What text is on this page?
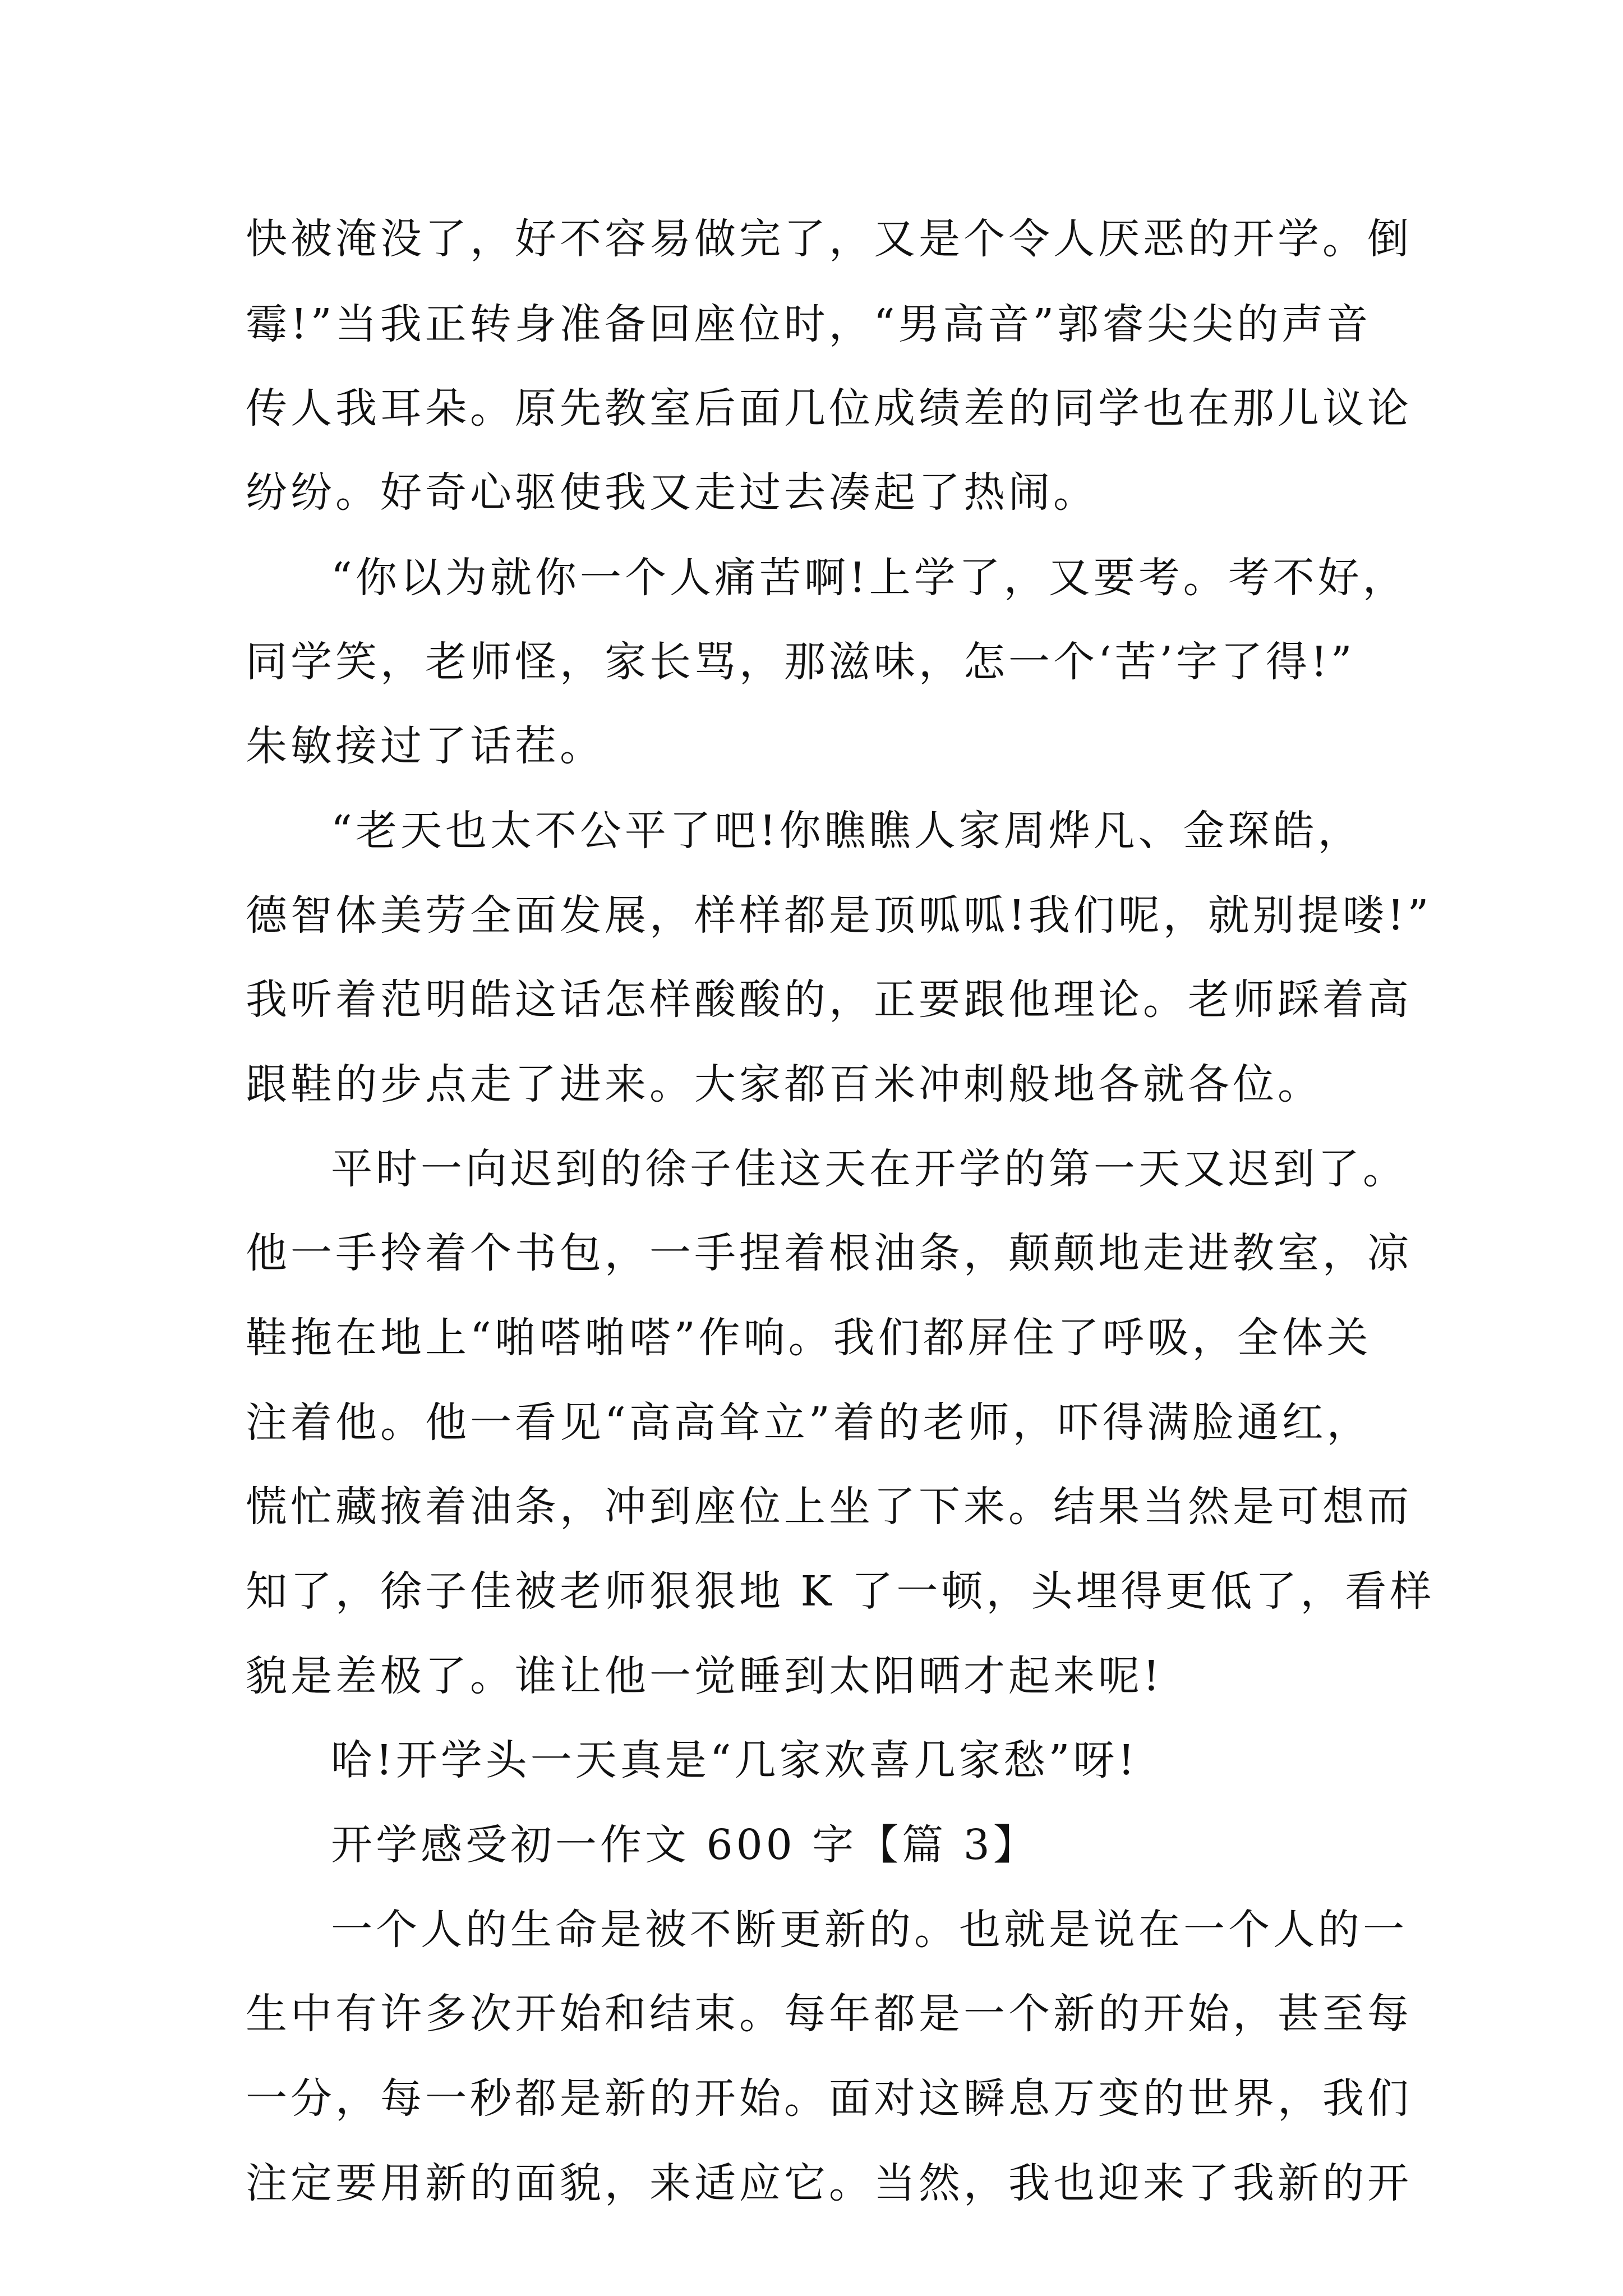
快被淹没了，好不容易做完了，又是个令人厌恶的开学。倒
霉!”当我正转身准备回座位时，“男高音”郭睿尖尖的声音
传人我耳朵。原先教室后面几位成绩差的同学也在那儿议论
纷纷。好奇心驱使我又走过去凑起了热闹。
“你以为就你一个人痛苦啊!上学了，又要考。考不好，
同学笑，老师怪，家长骂，那滋味，怎一个‘苦’字了得!”
朱敏接过了话茬。
“老天也太不公平了吧!你瞧瞧人家周烨凡、金琛皓，
德智体美劳全面发展，样样都是顶呱呱!我们呢，就别提喽!”
我听着范明皓这话怎样酸酸的，正要跟他理论。老师踩着高
跟鞋的步点走了进来。大家都百米冲刺般地各就各位。
平时一向迟到的徐子佳这天在开学的第一天又迟到了。
他一手拎着个书包，一手捏着根油条，颠颠地走进教室，凉
鞋拖在地上“啪嗒啪嗒”作响。我们都屏住了呼吸，全体关
注着他。他一看见“高高耸立”着的老师，吓得满脸通红，
慌忙藏掖着油条，冲到座位上坐了下来。结果当然是可想而
知了，徐子佳被老师狠狠地 K 了一顿，头埋得更低了，看样
貌是差极了。谁让他一觉睡到太阳晒才起来呢!
哈!开学头一天真是“几家欢喜几家愁”呀!
开学感受初一作文 600 字【篇 3】
一个人的生命是被不断更新的。也就是说在一个人的一
生中有许多次开始和结束。每年都是一个新的开始，甚至每
一分，每一秒都是新的开始。面对这瞬息万变的世界，我们
注定要用新的面貌，来适应它。当然，我也迎来了我新的开
